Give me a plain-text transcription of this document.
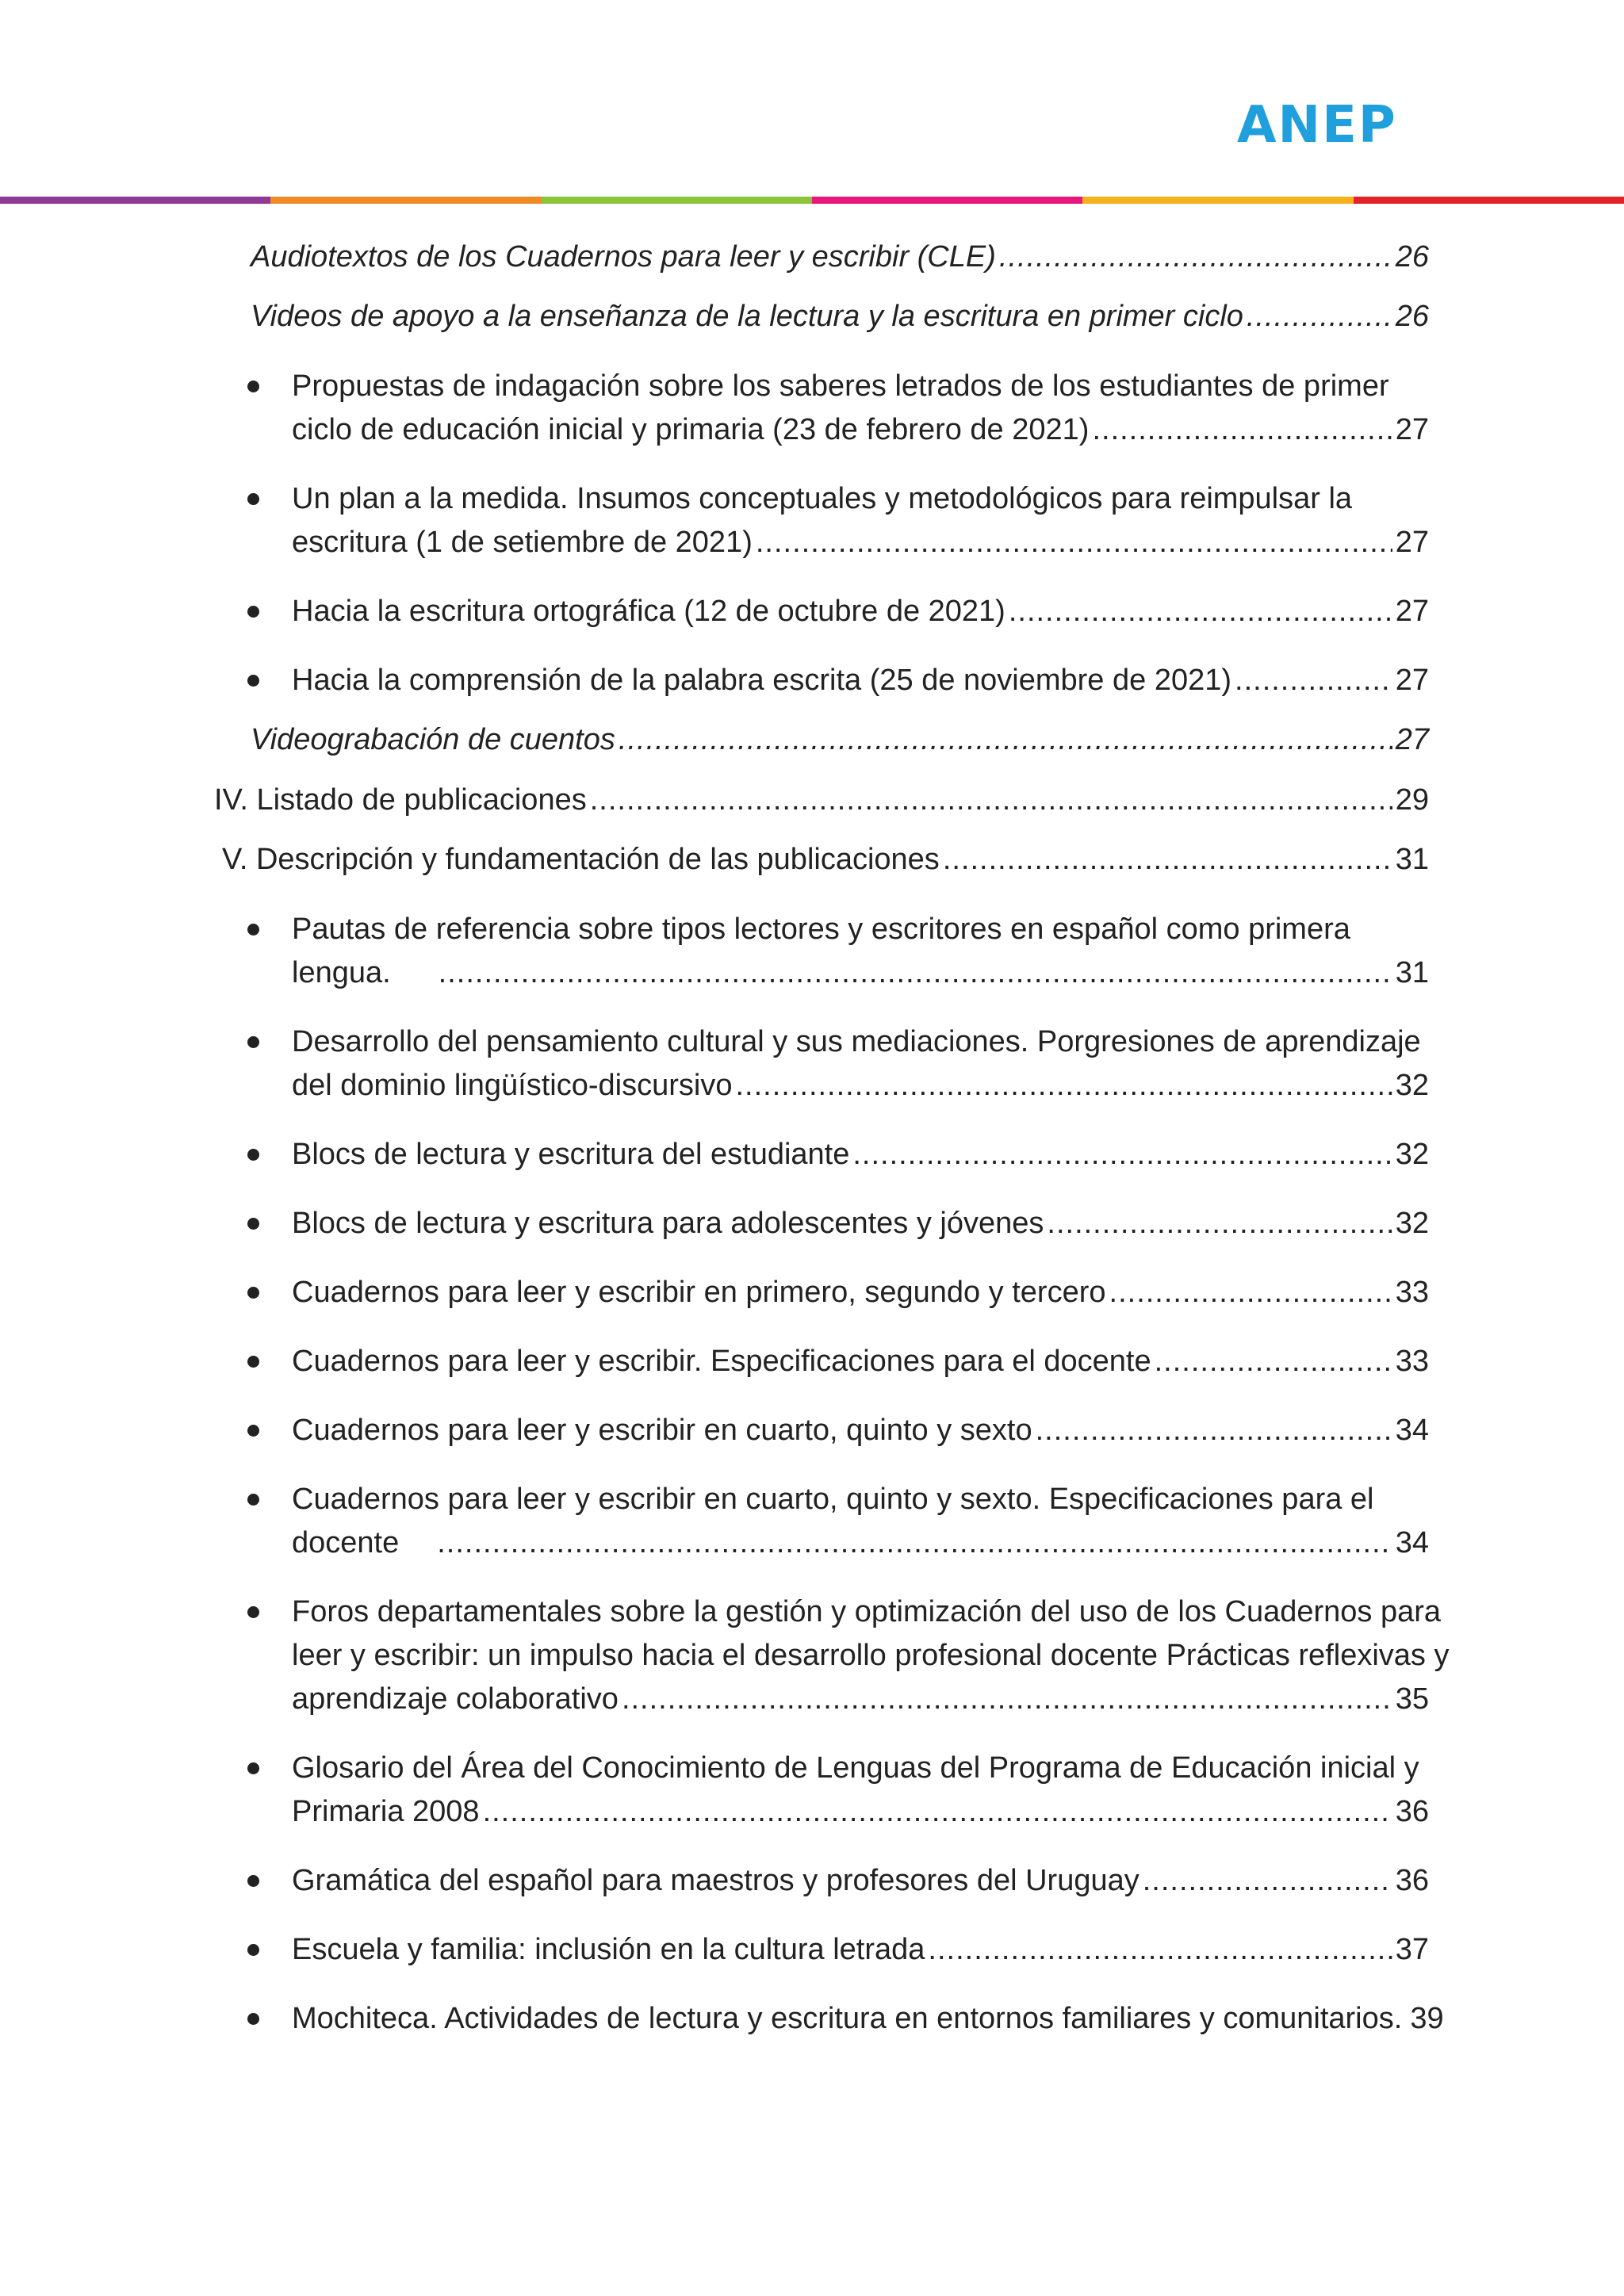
ANEP
Audiotextos de los Cuadernos para leer y escribir (CLE) .....	26
Videos de apoyo a la enseñanza de la lectura y la escritura en primer ciclo .....	26
Propuestas de indagación sobre los saberes letrados de los estudiantes de primer
ciclo de educación inicial y primaria (23 de febrero de 2021) .....	27
Un plan a la medida. Insumos conceptuales y metodológicos para reimpulsar la
escritura (1 de setiembre de 2021) .....	27
Hacia la escritura ortográfica (12 de octubre de 2021) .....	27
Hacia la comprensión de la palabra escrita (25 de noviembre de 2021) .....	27
Videograbación de cuentos .....	27
IV. Listado de publicaciones .....	29
V. Descripción y fundamentación de las publicaciones .....	31
Pautas de referencia sobre tipos lectores y escritores en español como primera
lengua. .....	31
Desarrollo del pensamiento cultural y sus mediaciones. Porgresiones de aprendizaje
del dominio lingüístico-discursivo .....	32
Blocs de lectura y escritura del estudiante .....	32
Blocs de lectura y escritura para adolescentes y jóvenes .....	32
Cuadernos para leer y escribir en primero, segundo y tercero .....	33
Cuadernos para leer y escribir. Especificaciones para el docente .....	33
Cuadernos para leer y escribir en cuarto, quinto y sexto .....	34
Cuadernos para leer y escribir en cuarto, quinto y sexto. Especificaciones para el
docente .....	34
Foros departamentales sobre la gestión y optimización del uso de los Cuadernos para
leer y escribir: un impulso hacia el desarrollo profesional docente Prácticas reflexivas y
aprendizaje colaborativo .....	35
Glosario del Área del Conocimiento de Lenguas del Programa de Educación inicial y
Primaria 2008 .....	36
Gramática del español para maestros y profesores del Uruguay .....	36
Escuela y familia: inclusión en la cultura letrada .....	37
Mochiteca. Actividades de lectura y escritura en entornos familiares y comunitarios. 39
